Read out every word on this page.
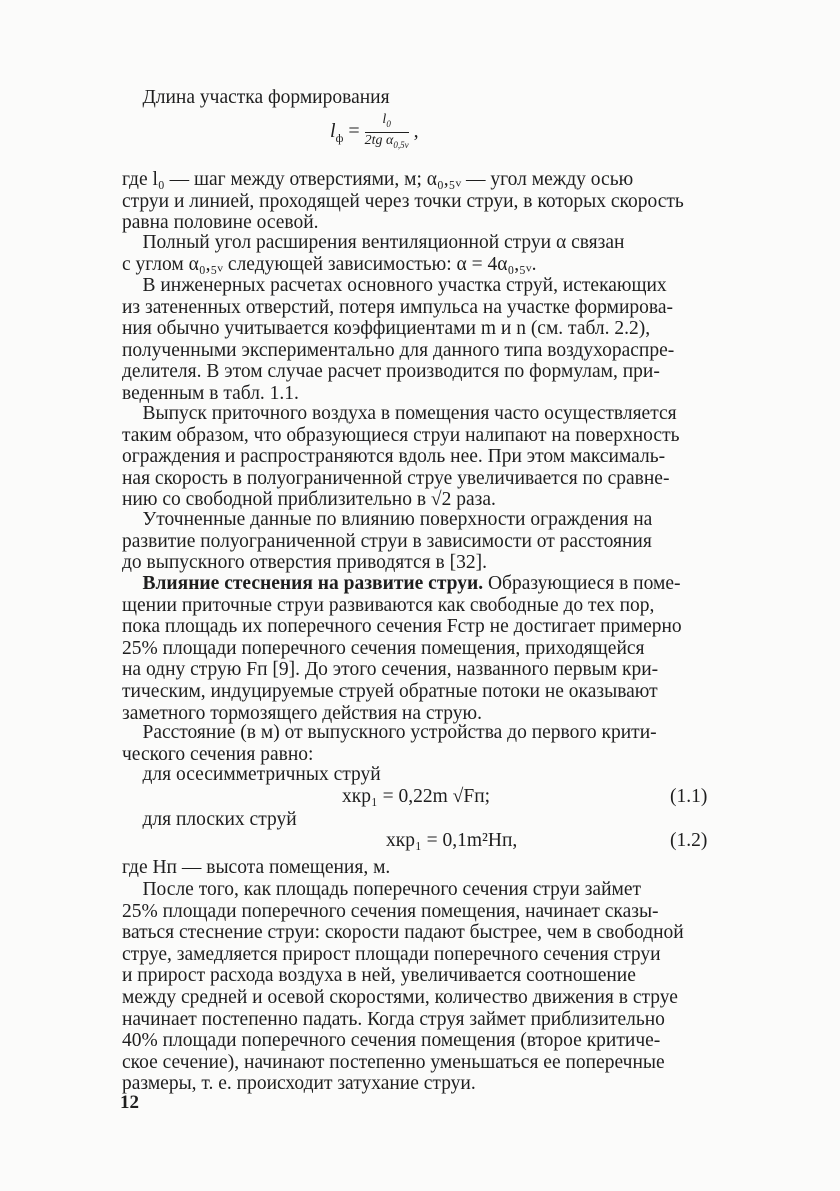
Длина участка формирования
$l_ф = \frac{l_0}{2tg \alpha_{0,5v}}$ ,
где l₀ — шаг между отверстиями, м; α₀,₅ᵥ — угол между осью
струи и линией, проходящей через точки струи, в которых скорость
равна половине осевой.
Полный угол расширения вентиляционной струи α связан
с углом α₀,₅ᵥ следующей зависимостью: α = 4α₀,₅ᵥ.
В инженерных расчетах основного участка струй, истекающих
из затененных отверстий, потеря импульса на участке формирова-
ния обычно учитывается коэффициентами m и n (см. табл. 2.2),
полученными экспериментально для данного типа воздухораспре-
делителя. В этом случае расчет производится по формулам, при-
веденным в табл. 1.1.
Выпуск приточного воздуха в помещения часто осуществляется
таким образом, что образующиеся струи налипают на поверхность
ограждения и распространяются вдоль нее. При этом максималь-
ная скорость в полуограниченной струе увеличивается по сравне-
нию со свободной приблизительно в √2 раза.
Уточненные данные по влиянию поверхности ограждения на
развитие полуограниченной струи в зависимости от расстояния
до выпускного отверстия приводятся в [32].
Влияние стеснения на развитие струи. Образующиеся в поме-
щении приточные струи развиваются как свободные до тех пор,
пока площадь их поперечного сечения Fстр не достигает примерно
25% площади поперечного сечения помещения, приходящейся
на одну струю Fп [9]. До этого сечения, названного первым кри-
тическим, индуцируемые струей обратные потоки не оказывают
заметного тормозящего действия на струю.
Расстояние (в м) от выпускного устройства до первого крити-
ческого сечения равно:
для осесимметричных струй
xкр₁ = 0,22m √Fп;	(1.1)
для плоских струй
xкр₁ = 0,1m²Hп,	(1.2)
где Hп — высота помещения, м.
После того, как площадь поперечного сечения струи займет
25% площади поперечного сечения помещения, начинает сказы-
ваться стеснение струи: скорости падают быстрее, чем в свободной
струе, замедляется прирост площади поперечного сечения струи
и прирост расхода воздуха в ней, увеличивается соотношение
между средней и осевой скоростями, количество движения в струе
начинает постепенно падать. Когда струя займет приблизительно
40% площади поперечного сечения помещения (второе критиче-
ское сечение), начинают постепенно уменьшаться ее поперечные
размеры, т. е. происходит затухание струи.
12
